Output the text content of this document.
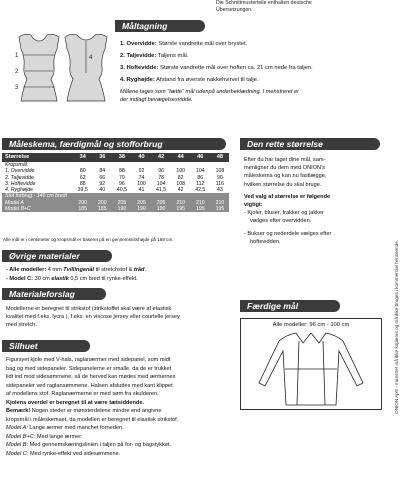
Die Schnittmusterteile enthalten deutsche
Übersetzungen.
1
2
3
4
Måltagning
1. Overvidde: Største vandrette mål over brystet.
2. Taljevidde: Taljens mål.
3. Hoftevidde: Største vandrette mål over hoften ca. 21 cm nede fra taljen.
4. Ryghøjde: Afstand fra øverste nakkehvirvel til talje.
Målene tages som "tætte" mål udenpå underbeklædning. I menstreret er
der indlagt bevægelsesvidde.
Måleskema, færdigmål og stofforbrug
Størrelse	34	36	38	40	42	44	46	48
Kropsmål:								
1. Overvidde	80	84	88	92	96	100	104	108
2. Taljevidde	62	66	70	74	78	82	86	90
3. Hoftevidde	88	92	96	100	104	108	112	116
4. Ryghøjde	39,5	40	40,5	41	41,5	42	42,5	43
Stof forbrug - 140 cm bredt								
Model A	200	200	205	205	205	210	210	210
Model B+C	185	185	190	190	190	195	195	195
Alle mål er i centimeter og kropsmål er baseret på en gennemsnitshøjde på 168 cm.
Den rette størrelse
Efter du har taget dine mål, sam-
menligner du dem med ONION's
måleskema og kan nu fastlægge,
hvilken størrelse du skal bruge.
Ved valg af størrelse er følgende
vigtigt:
- Kjoler, bluser, frakker og jakker
vælges efter overvidden.
- Bukser og nederdele vælges efter
hoftevidden.
Færdige mål
Alle modeller: 96 cm - 100 cm
Øvrige materialer
- Alle modeller: 4 mm Tvillingenål til stretchstof & tråd.
- Model C: 30 cm elastik 0,5 cm bred til rynke-effekt.
Materialeforslag
Modellerne er beregnet til strikstof (strikstoffet skal være af elastisk
kvalitet med f.eks. lycra ), f.eks. en viscose jersey eller courtelle jersey
med stretch.
Silhuet
Figursyet kjole med V-hals, raglanærmer med sidepanel, som midt
bag og med sidepaneler. Sidepanelerne er smalle, da de er trukket
lidt ind mod sidesømmene, så de herved kan mødes med ærmernes
sidepaneler ved raglansømmene. Halsen afsluttes med kant klippet
af modellens stof. Raglanærmerne er med søm fra skulderen.
Kjolens overdel er beregnet til at være tætsiddende.
Bemærk! Nogen steder er mønsterdelene mindre end angivne
kropsmål i måleskemaet, da modellen er beregnet til elastisk strikstof.
Model A: Lange ærmer med manchet forneden.
Model B+C: Med lange ærmer.
Model B: Med gennemskæringslinien i taljen på for- og bagstykket.
Model C: Med rynke-effekt ved sidesømmene.
ONION ApS - mønstret må ikke kopieres og må ikke bruges i kommercial henseende.
